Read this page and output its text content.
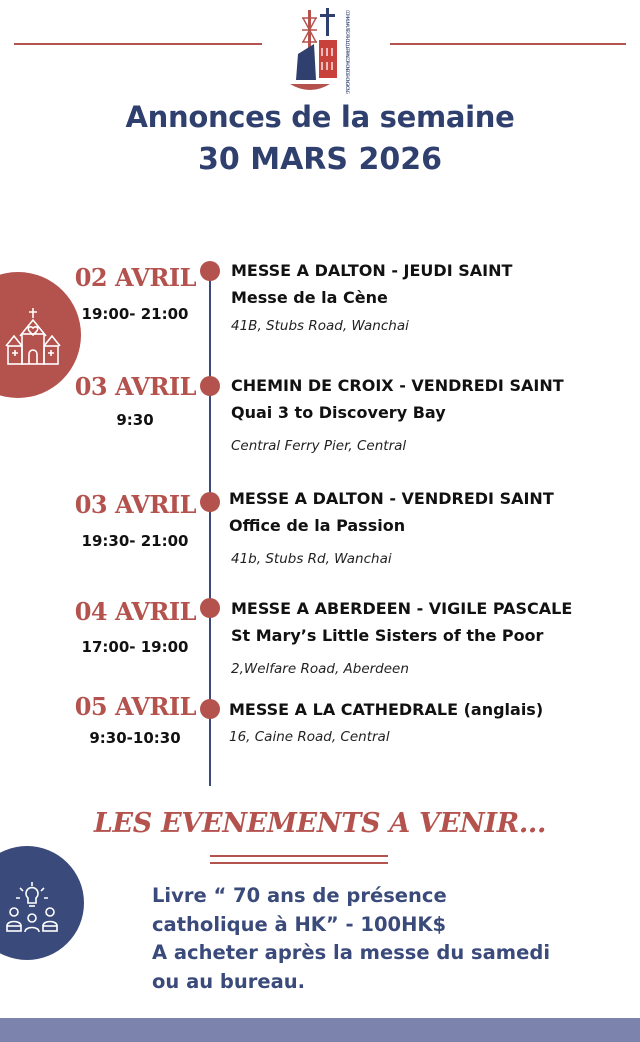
COMMUNAUTÉ CATHOLIQUE FRANCOPHONE DE HONG KONG
Annonces de la semaine
30 MARS 2026
02 AVRIL
19:00- 21:00
MESSE A DALTON - JEUDI SAINT
Messe de la Cène
41B, Stubs Road, Wanchai
03 AVRIL
9:30
CHEMIN DE CROIX - VENDREDI SAINT
Quai 3 to Discovery Bay
Central Ferry Pier, Central
03 AVRIL
19:30- 21:00
MESSE A DALTON - VENDREDI SAINT
Office de la Passion
41b, Stubs Rd, Wanchai
04 AVRIL
17:00- 19:00
MESSE A ABERDEEN - VIGILE PASCALE
St Mary’s Little Sisters of the Poor
2,Welfare Road, Aberdeen
05 AVRIL
9:30-10:30
MESSE A LA CATHEDRALE (anglais)
16, Caine Road, Central
LES EVENEMENTS A VENIR...
Livre “ 70 ans de présence
catholique à HK” - 100HK$
A acheter après la messe du samedi
ou au bureau.
